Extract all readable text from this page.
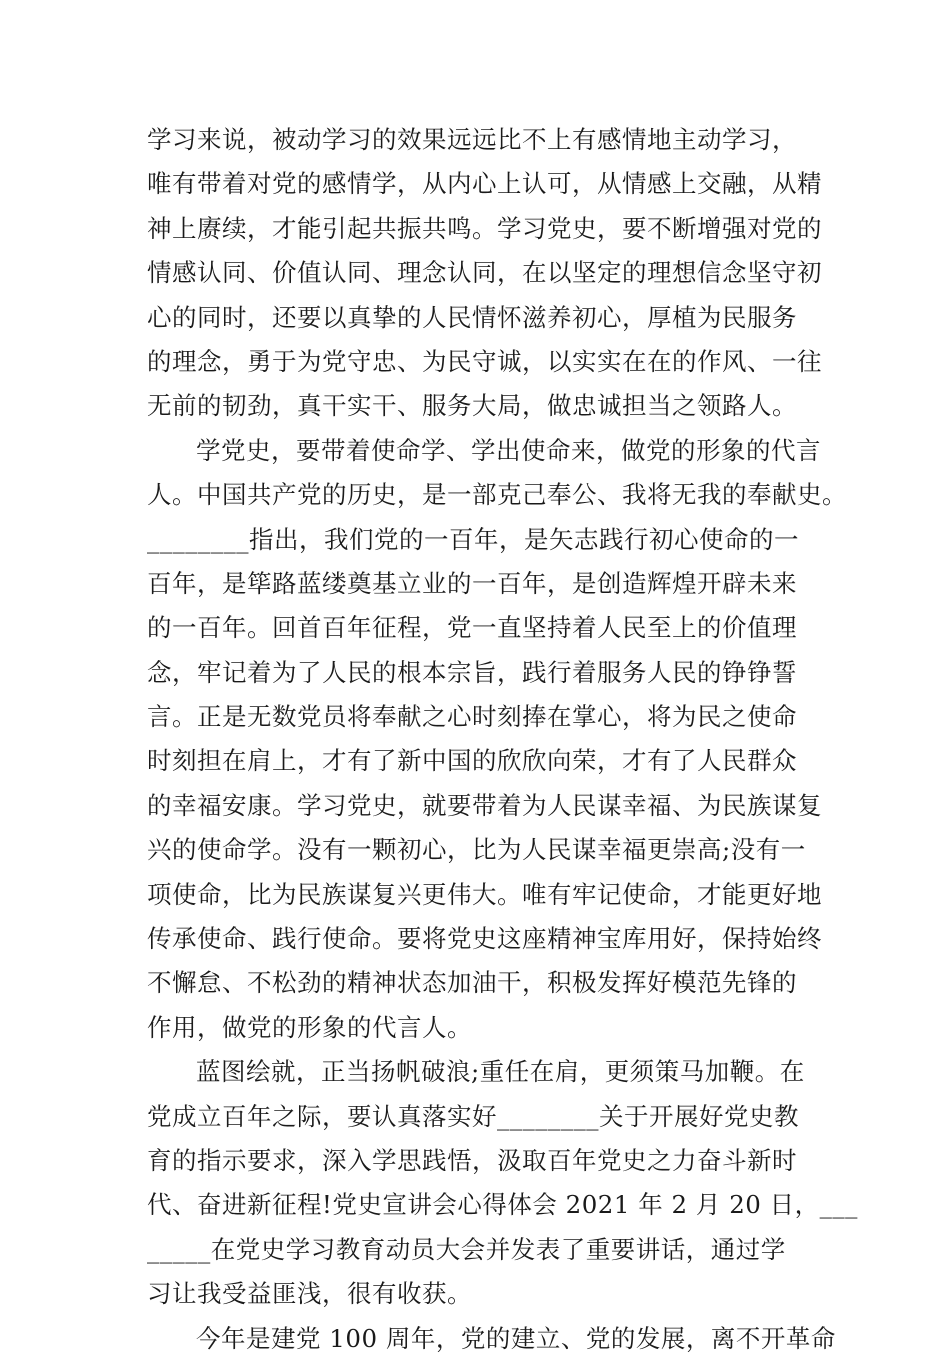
学习来说，被动学习的效果远远比不上有感情地主动学习，
唯有带着对党的感情学，从内心上认可，从情感上交融，从精
神上赓续，才能引起共振共鸣。学习党史，要不断增强对党的
情感认同、价值认同、理念认同，在以坚定的理想信念坚守初
心的同时，还要以真挚的人民情怀滋养初心，厚植为民服务
的理念，勇于为党守忠、为民守诚，以实实在在的作风、一往
无前的韧劲，真干实干、服务大局，做忠诚担当之领路人。
学党史，要带着使命学、学出使命来，做党的形象的代言
人。中国共产党的历史，是一部克己奉公、我将无我的奉献史。
________指出，我们党的一百年，是矢志践行初心使命的一
百年，是筚路蓝缕奠基立业的一百年，是创造辉煌开辟未来
的一百年。回首百年征程，党一直坚持着人民至上的价值理
念，牢记着为了人民的根本宗旨，践行着服务人民的铮铮誓
言。正是无数党员将奉献之心时刻捧在掌心，将为民之使命
时刻担在肩上，才有了新中国的欣欣向荣，才有了人民群众
的幸福安康。学习党史，就要带着为人民谋幸福、为民族谋复
兴的使命学。没有一颗初心，比为人民谋幸福更崇高;没有一
项使命，比为民族谋复兴更伟大。唯有牢记使命，才能更好地
传承使命、践行使命。要将党史这座精神宝库用好，保持始终
不懈怠、不松劲的精神状态加油干，积极发挥好模范先锋的
作用，做党的形象的代言人。
蓝图绘就，正当扬帆破浪;重任在肩，更须策马加鞭。在
党成立百年之际，要认真落实好________关于开展好党史教
育的指示要求，深入学思践悟，汲取百年党史之力奋斗新时
代、奋进新征程!党史宣讲会心得体会 2021 年 2 月 20 日，___
_____在党史学习教育动员大会并发表了重要讲话，通过学
习让我受益匪浅，很有收获。
今年是建党 100 周年，党的建立、党的发展，离不开革命
